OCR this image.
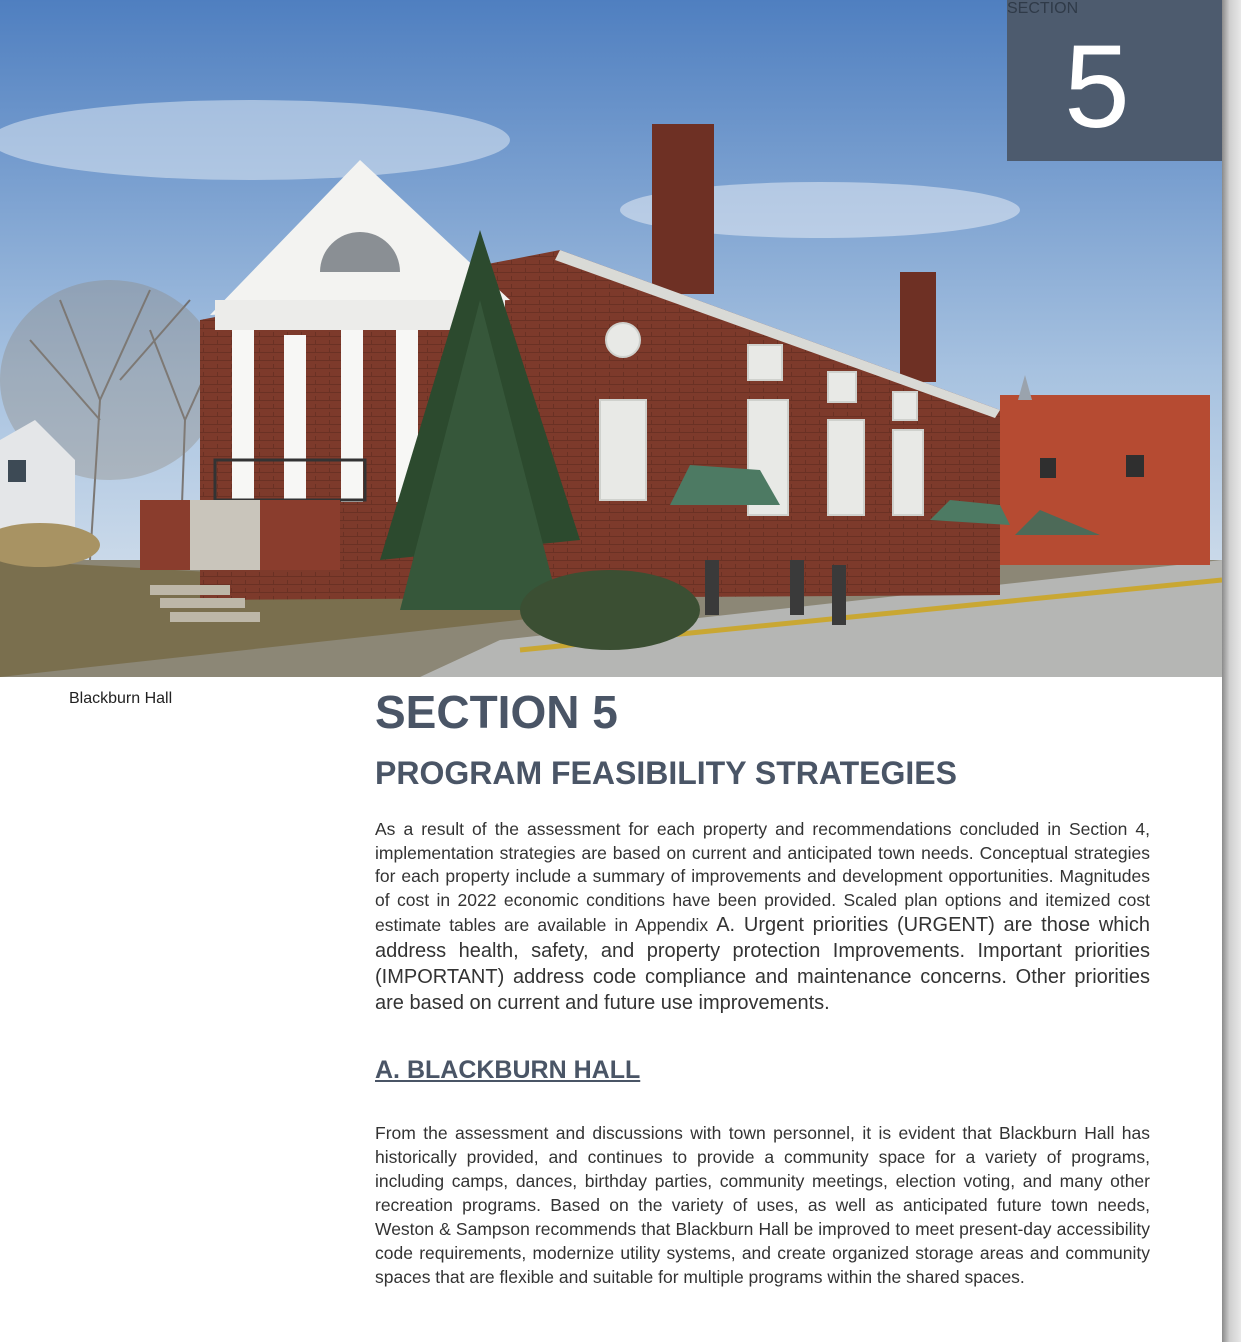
SECTION
5
Blackburn Hall	SECTION 5
PROGRAM FEASIBILITY STRATEGIES

As a result of the assessment for each property and recommendations concluded in Section 4, implementation strategies are based on current and anticipated town needs. Conceptual strategies for each property include a summary of improvements and development opportunities. Magnitudes of cost in 2022 economic conditions have been provided. Scaled plan options and itemized cost estimate tables are available in Appendix A. Urgent priorities (URGENT) are those which address health, safety, and property protection Improvements. Important priorities (IMPORTANT) address code compliance and maintenance concerns. Other priorities are based on current and future use improvements.

A. BLACKBURN HALL

From the assessment and discussions with town personnel, it is evident that Blackburn Hall has historically provided, and continues to provide a community space for a variety of programs, including camps, dances, birthday parties, community meetings, election voting, and many other recreation programs. Based on the variety of uses, as well as anticipated future town needs, Weston & Sampson recommends that Blackburn Hall be improved to meet present-day accessibility code requirements, modernize utility systems, and create organized storage areas and community spaces that are flexible and suitable for multiple programs within the shared spaces.
